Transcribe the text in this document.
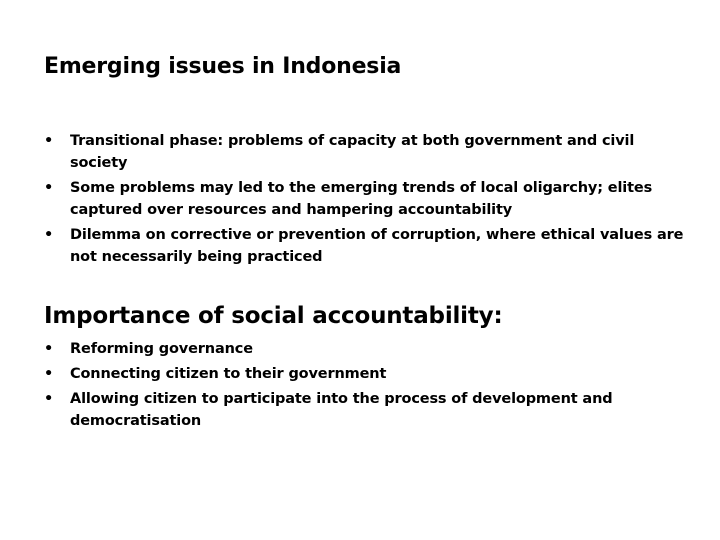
Emerging issues in Indonesia
• Transitional phase: problems of capacity at both government and civil society
• Some problems may led to the emerging trends of local oligarchy; elites captured over resources and hampering accountability
• Dilemma on corrective or prevention of corruption, where ethical values are not necessarily being practiced
Importance of social accountability:
• Reforming governance
• Connecting citizen to their government
• Allowing citizen to participate into the process of development and democratisation
